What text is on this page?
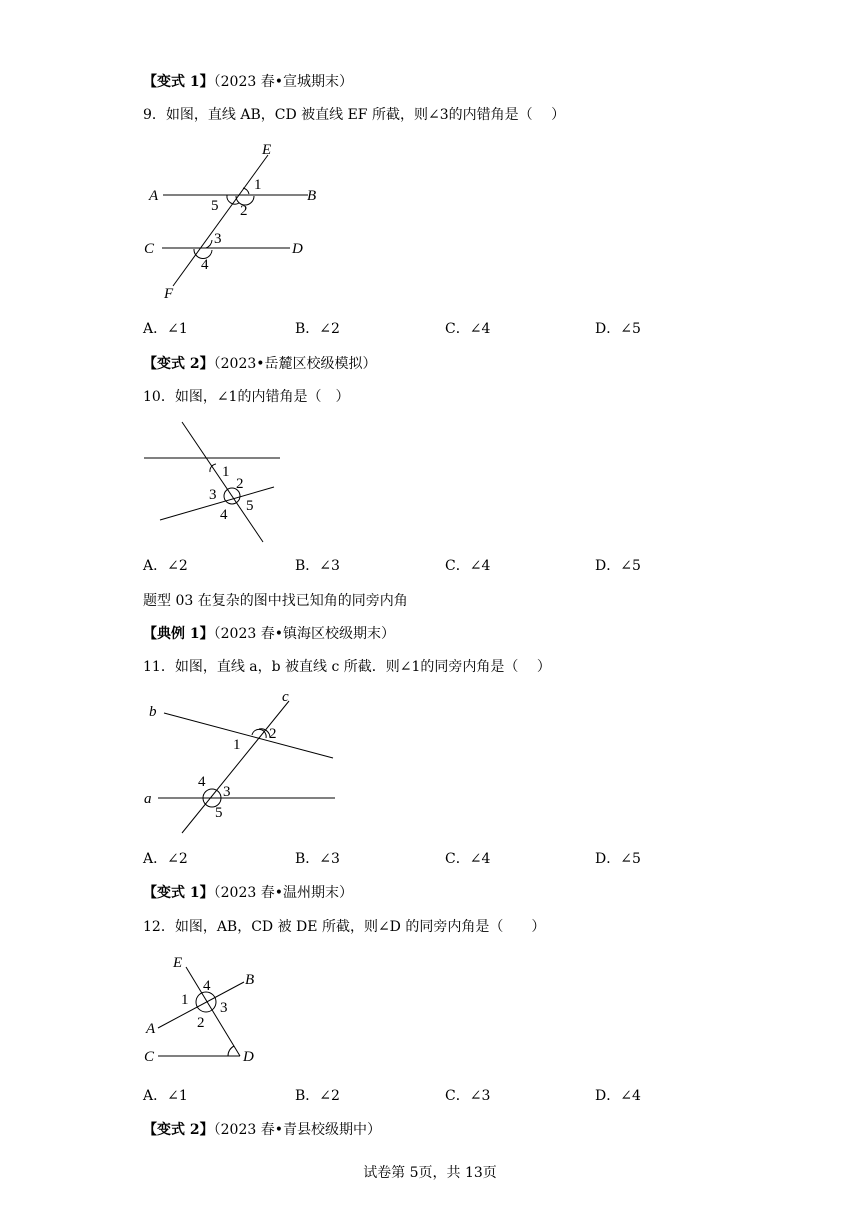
【变式 1】（2023 春•宣城期末）
9．如图，直线 AB，CD 被直线 EF 所截，则∠3的内错角是（　 ）
E
A	B
C	D
F
1
2
3
4
5
A．∠1	B．∠2	C．∠4	D．∠5
【变式 2】（2023•岳麓区校级模拟）
10．如图，∠1的内错角是（　）
1
2
3
4
5
A．∠2	B．∠3	C．∠4	D．∠5
题型 03 在复杂的图中找已知角的同旁内角
【典例 1】（2023 春•镇海区校级期末）
11．如图，直线 a，b 被直线 c 所截．则∠1的同旁内角是（　 ）
c
b
a
1
2
3
4
5
A．∠2	B．∠3	C．∠4	D．∠5
【变式 1】（2023 春•温州期末）
12．如图，AB，CD 被 DE 所截，则∠D 的同旁内角是（　　）
E
B
A
C	D
1
2
3
4
A．∠1	B．∠2	C．∠3	D．∠4
【变式 2】（2023 春•青县校级期中）
试卷第 5页，共 13页
